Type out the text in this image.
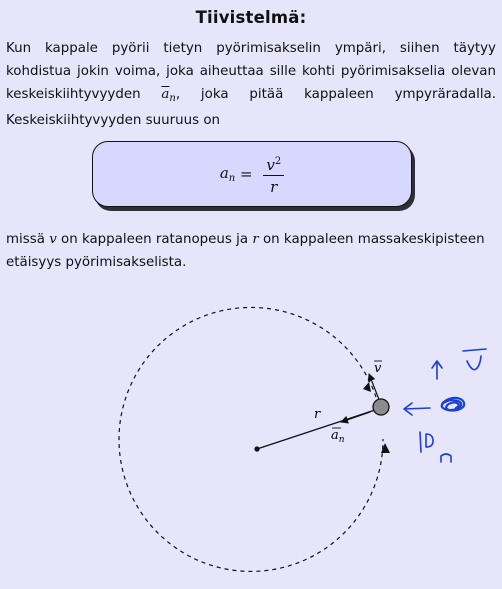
Tiivistelmä:
Kun kappale pyörii tietyn pyörimisakselin ympäri, siihen täytyy kohdistua jokin voima, joka aiheuttaa sille kohti pyörimisakselia olevan keskeiskiihtyvyyden $\overline{a}_n$, joka pitää kappaleen ympyräradalla. Keskeiskiihtyvyyden suuruus on
$a_n = \frac{v^2}{r}$
missä v on kappaleen ratanopeus ja r on kappaleen massakeskipisteen etäisyys pyörimisakselista.
r
$a_n$
v
